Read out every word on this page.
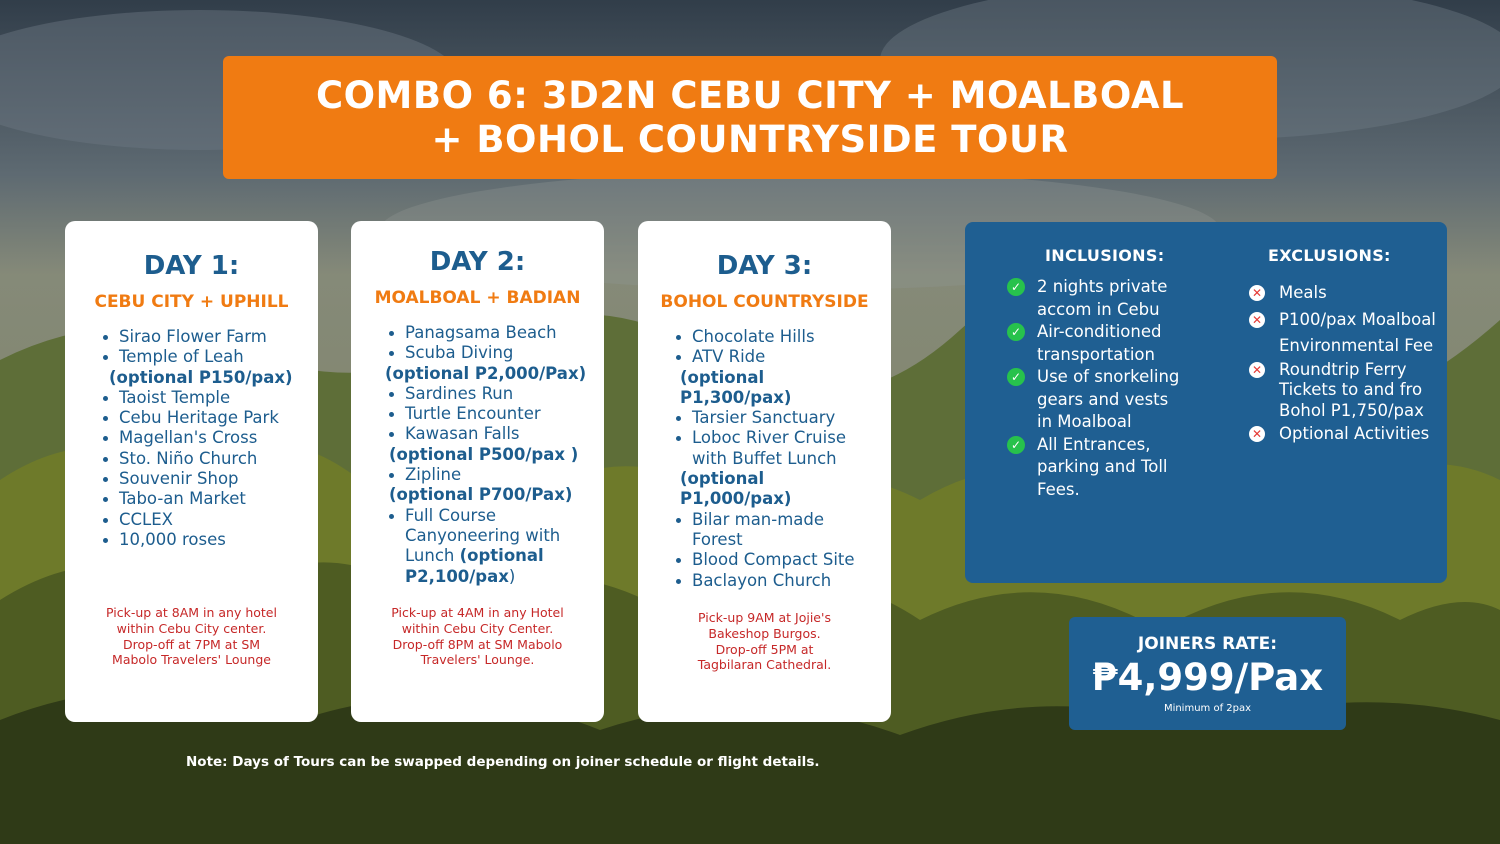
COMBO 6: 3D2N CEBU CITY + MOALBOAL
+ BOHOL COUNTRYSIDE TOUR
DAY 1:
CEBU CITY + UPHILL
Sirao Flower Farm
Temple of Leah
(optional P150/pax)
Taoist Temple
Cebu Heritage Park
Magellan's Cross
Sto. Niño Church
Souvenir Shop
Tabo-an Market
CCLEX
10,000 roses
Pick-up at 8AM in any hotel
within Cebu City center.
Drop-off at 7PM at SM
Mabolo Travelers' Lounge
DAY 2:
MOALBOAL + BADIAN
Panagsama Beach
Scuba Diving
(optional P2,000/Pax)
Sardines Run
Turtle Encounter
Kawasan Falls
(optional P500/pax )
Zipline
(optional P700/Pax)
Full Course
Canyoneering with
Lunch (optional
P2,100/pax)
Pick-up at 4AM in any Hotel
within Cebu City Center.
Drop-off 8PM at SM Mabolo
Travelers' Lounge.
DAY 3:
BOHOL COUNTRYSIDE
Chocolate Hills
ATV Ride
(optional P1,300/pax)
Tarsier Sanctuary
Loboc River Cruise
with Buffet Lunch
(optional P1,000/pax)
Bilar man-made
Forest
Blood Compact Site
Baclayon Church
Pick-up 9AM at Jojie's
Bakeshop Burgos.
Drop-off 5PM at
Tagbilaran Cathedral.
INCLUSIONS:	EXCLUSIONS:
✓ 2 nights private
accom in Cebu
✓ Air-conditioned
transportation
✓ Use of snorkeling
gears and vests
in Moalboal
✓ All Entrances,
parking and Toll
Fees.
✕ Meals
✕ P100/pax Moalboal
Environmental Fee
✕ Roundtrip Ferry
Tickets to and fro
Bohol P1,750/pax
✕ Optional Activities
JOINERS RATE:
₱4,999/Pax
Minimum of 2pax
Note: Days of Tours can be swapped depending on joiner schedule or flight details.
